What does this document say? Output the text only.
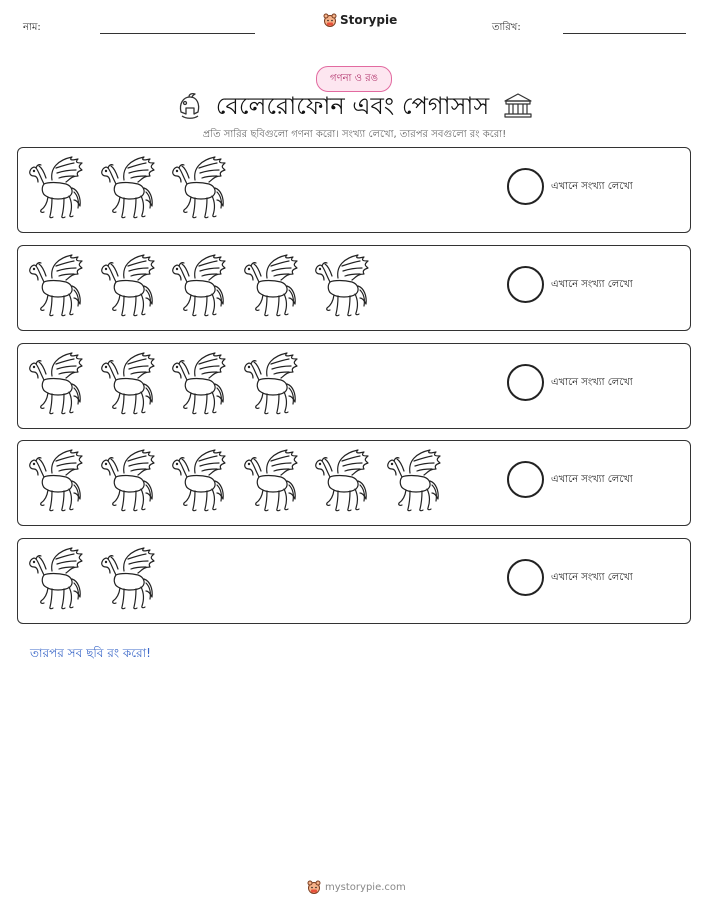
নাম:
Storypie
তারিখ:
গণনা ও রঙ
বেলেরোফোন এবং পেগাসাস
প্রতি সারির ছবিগুলো গণনা করো। সংখ্যা লেখো, তারপর সবগুলো রং করো!
এখানে সংখ্যা লেখো
এখানে সংখ্যা লেখো
এখানে সংখ্যা লেখো
এখানে সংখ্যা লেখো
এখানে সংখ্যা লেখো
তারপর সব ছবি রং করো!
mystorypie.com
